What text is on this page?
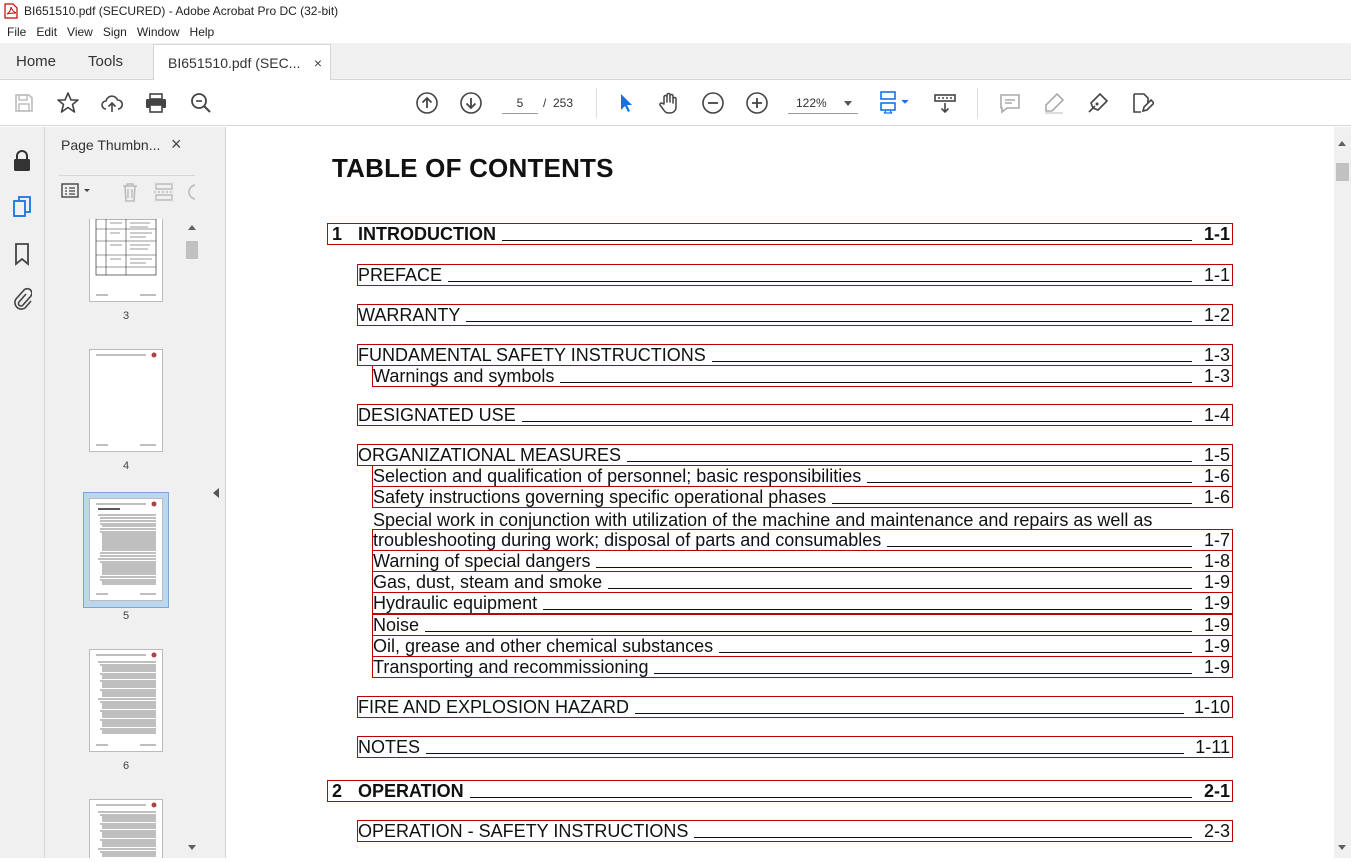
BI651510.pdf (SECURED) - Adobe Acrobat Pro DC (32-bit)
File Edit View Sign Window Help
Home	Tools	BI651510.pdf (SEC... ×
5	/ 253	122%
Page Thumbn... ×
3
4
5
6
TABLE OF CONTENTS
1 INTRODUCTION	1-1
PREFACE	1-1
WARRANTY	1-2
FUNDAMENTAL SAFETY INSTRUCTIONS	1-3
Warnings and symbols	1-3
DESIGNATED USE	1-4
ORGANIZATIONAL MEASURES	1-5
Selection and qualification of personnel; basic responsibilities	1-6
Safety instructions governing specific operational phases	1-6
Special work in conjunction with utilization of the machine and maintenance and repairs as well as
troubleshooting during work; disposal of parts and consumables	1-7
Warning of special dangers	1-8
Gas, dust, steam and smoke	1-9
Hydraulic equipment	1-9
Noise	1-9
Oil, grease and other chemical substances	1-9
Transporting and recommissioning	1-9
FIRE AND EXPLOSION HAZARD	1-10
NOTES	1-11
2 OPERATION	2-1
OPERATION - SAFETY INSTRUCTIONS	2-3
